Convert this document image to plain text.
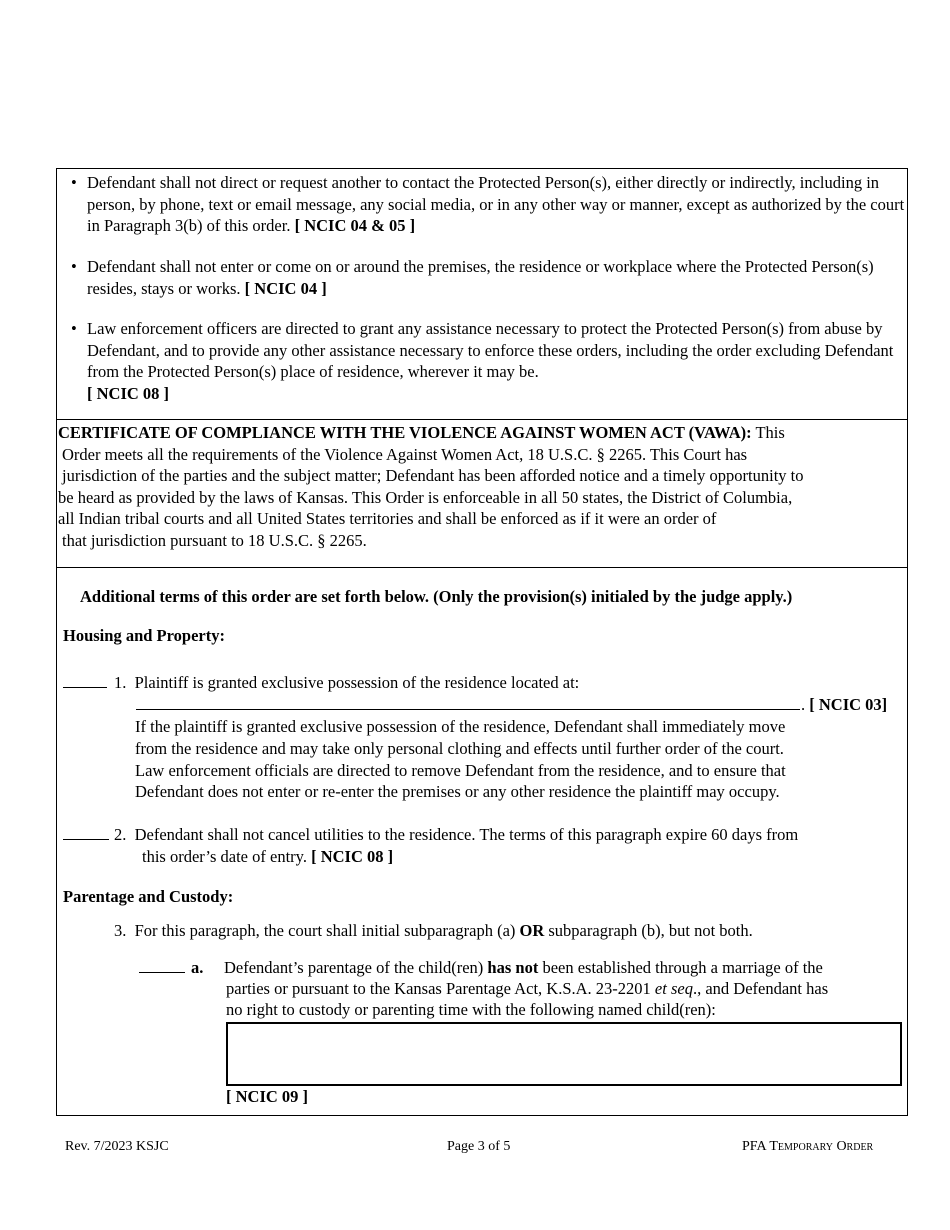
• Defendant shall not direct or request another to contact the Protected Person(s), either directly or indirectly, including in person, by phone, text or email message, any social media, or in any other way or manner, except as authorized by the court in Paragraph 3(b) of this order. [ NCIC 04 & 05 ]
• Defendant shall not enter or come on or around the premises, the residence or workplace where the Protected Person(s) resides, stays or works. [ NCIC 04 ]
• Law enforcement officers are directed to grant any assistance necessary to protect the Protected Person(s) from abuse by Defendant, and to provide any other assistance necessary to enforce these orders, including the order excluding Defendant from the Protected Person(s) place of residence, wherever it may be.
[ NCIC 08 ]
CERTIFICATE OF COMPLIANCE WITH THE VIOLENCE AGAINST WOMEN ACT (VAWA): This
Order meets all the requirements of the Violence Against Women Act, 18 U.S.C. § 2265. This Court has
jurisdiction of the parties and the subject matter; Defendant has been afforded notice and a timely opportunity to
be heard as provided by the laws of Kansas. This Order is enforceable in all 50 states, the District of Columbia,
all Indian tribal courts and all United States territories and shall be enforced as if it were an order of
that jurisdiction pursuant to 18 U.S.C. § 2265.
Additional terms of this order are set forth below. (Only the provision(s) initialed by the judge apply.)
Housing and Property:
1. Plaintiff is granted exclusive possession of the residence located at:
. [ NCIC 03]
If the plaintiff is granted exclusive possession of the residence, Defendant shall immediately move
from the residence and may take only personal clothing and effects until further order of the court.
Law enforcement officials are directed to remove Defendant from the residence, and to ensure that
Defendant does not enter or re-enter the premises or any other residence the plaintiff may occupy.
2. Defendant shall not cancel utilities to the residence. The terms of this paragraph expire 60 days from
this order’s date of entry. [ NCIC 08 ]
Parentage and Custody:
3. For this paragraph, the court shall initial subparagraph (a) OR subparagraph (b), but not both.
a. Defendant’s parentage of the child(ren) has not been established through a marriage of the
parties or pursuant to the Kansas Parentage Act, K.S.A. 23-2201 et seq., and Defendant has
no right to custody or parenting time with the following named child(ren):
[ NCIC 09 ]
Rev. 7/2023 KSJC	Page 3 of 5	PFA Temporary Order
